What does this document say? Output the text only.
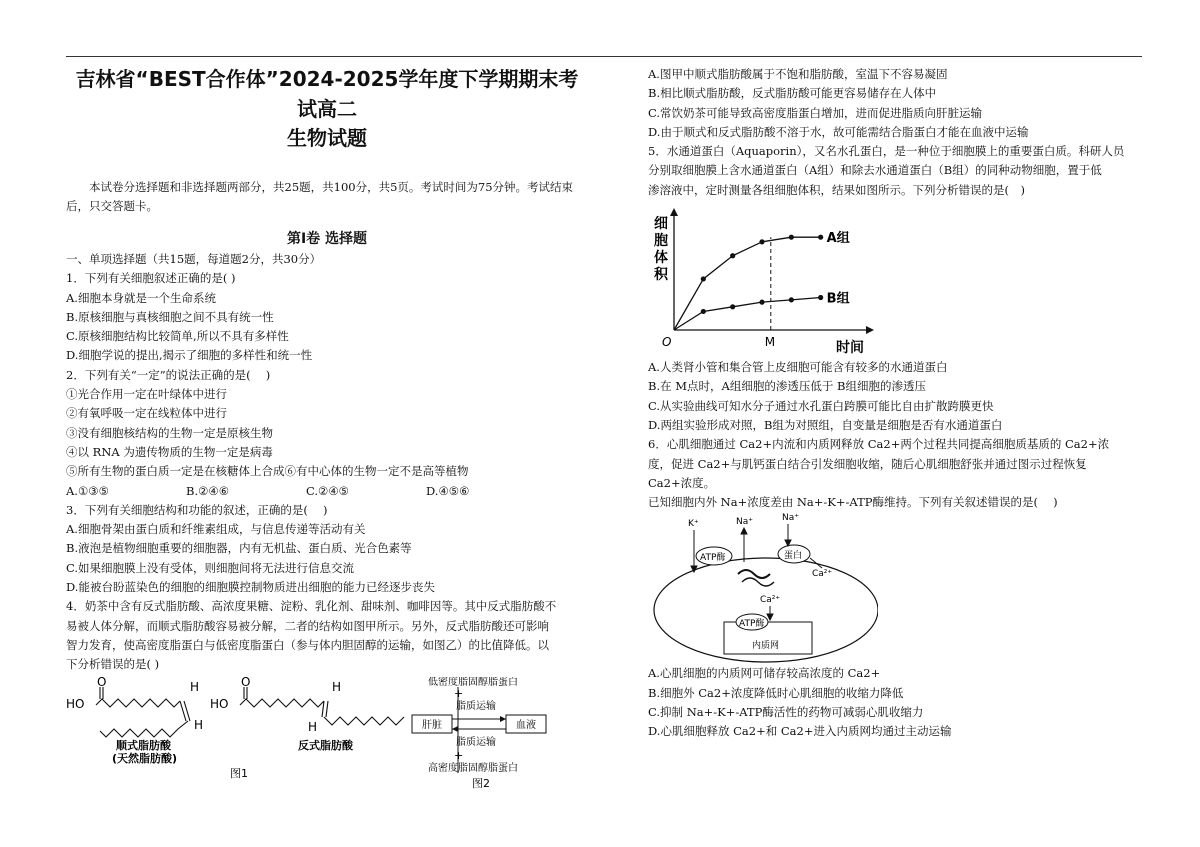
吉林省“BEST合作体”2024-2025学年度下学期期末考试高二
生物试题
本试卷分选择题和非选择题两部分，共25题，共100分，共5页。考试时间为75分钟。考试结束后，只交答题卡。
第Ⅰ卷 选择题
一、单项选择题（共15题，每道题2分，共30分）
1．下列有关细胞叙述正确的是( )
A.细胞本身就是一个生命系统
B.原核细胞与真核细胞之间不具有统一性
C.原核细胞结构比较简单,所以不具有多样性
D.细胞学说的提出,揭示了细胞的多样性和统一性
2．下列有关“一定”的说法正确的是(　 )
①光合作用一定在叶绿体中进行
②有氧呼吸一定在线粒体中进行
③没有细胞核结构的生物一定是原核生物
④以 RNA 为遗传物质的生物一定是病毒
⑤所有生物的蛋白质一定是在核糖体上合成⑥有中心体的生物一定不是高等植物
A.①③⑤	B.②④⑥	C.②④⑤	D.④⑤⑥
3．下列有关细胞结构和功能的叙述，正确的是(　 )
A.细胞骨架由蛋白质和纤维素组成，与信息传递等活动有关
B.液泡是植物细胞重要的细胞器，内有无机盐、蛋白质、光合色素等
C.如果细胞膜上没有受体，则细胞间将无法进行信息交流
D.能被台盼蓝染色的细胞的细胞膜控制物质进出细胞的能力已经逐步丧失
4．奶茶中含有反式脂肪酸、高浓度果糖、淀粉、乳化剂、甜味剂、咖啡因等。其中反式脂肪酸不
易被人体分解，而顺式脂肪酸容易被分解，二者的结构如图甲所示。另外，反式脂肪酸还可影响
智力发育，使高密度脂蛋白与低密度脂蛋白（参与体内胆固醇的运输，如图乙）的比值降低。以
下分析错误的是( )
HO
O	H
H
顺式脂肪酸
(天然脂肪酸)
HO
O	H
H
反式脂肪酸
图1
低密度脂固醇脂蛋白
+
脂质运输
肝脏	血液
脂质运输
+
高密度脂固醇脂蛋白
图2
A.图甲中顺式脂肪酸属于不饱和脂肪酸，室温下不容易凝固
B.相比顺式脂肪酸，反式脂肪酸可能更容易储存在人体中
C.常饮奶茶可能导致高密度脂蛋白增加，进而促进脂质向肝脏运输
D.由于顺式和反式脂肪酸不溶于水，故可能需结合脂蛋白才能在血液中运输
5．水通道蛋白（Aquaporin），又名水孔蛋白，是一种位于细胞膜上的重要蛋白质。科研人员
分别取细胞膜上含水通道蛋白（A组）和除去水通道蛋白（B组）的同种动物细胞，置于低
渗溶液中，定时测量各组细胞体积，结果如图所示。下列分析错误的是(　)
细
胞
体
积
时间
O	M
A组
B组
A.人类肾小管和集合管上皮细胞可能含有较多的水通道蛋白
B.在 M点时，A组细胞的渗透压低于 B组细胞的渗透压
C.从实验曲线可知水分子通过水孔蛋白跨膜可能比自由扩散跨膜更快
D.两组实验形成对照，B组为对照组，自变量是细胞是否有水通道蛋白
6．心肌细胞通过 Ca2+内流和内质网释放 Ca2+两个过程共同提高细胞质基质的 Ca2+浓
度，促进 Ca2+与肌钙蛋白结合引发细胞收缩，随后心肌细胞舒张并通过图示过程恢复
Ca2+浓度。
已知细胞内外 Na+浓度差由 Na+-K+-ATP酶维持。下列有关叙述错误的是(　 )
ATP酶	蛋白
K⁺	Na⁺	Na⁺
Ca²⁺
Ca²⁺
内质网
ATP酶
A.心肌细胞的内质网可储存较高浓度的 Ca2+
B.细胞外 Ca2+浓度降低时心肌细胞的收缩力降低
C.抑制 Na+-K+-ATP酶活性的药物可减弱心肌收缩力
D.心肌细胞释放 Ca2+和 Ca2+进入内质网均通过主动运输
